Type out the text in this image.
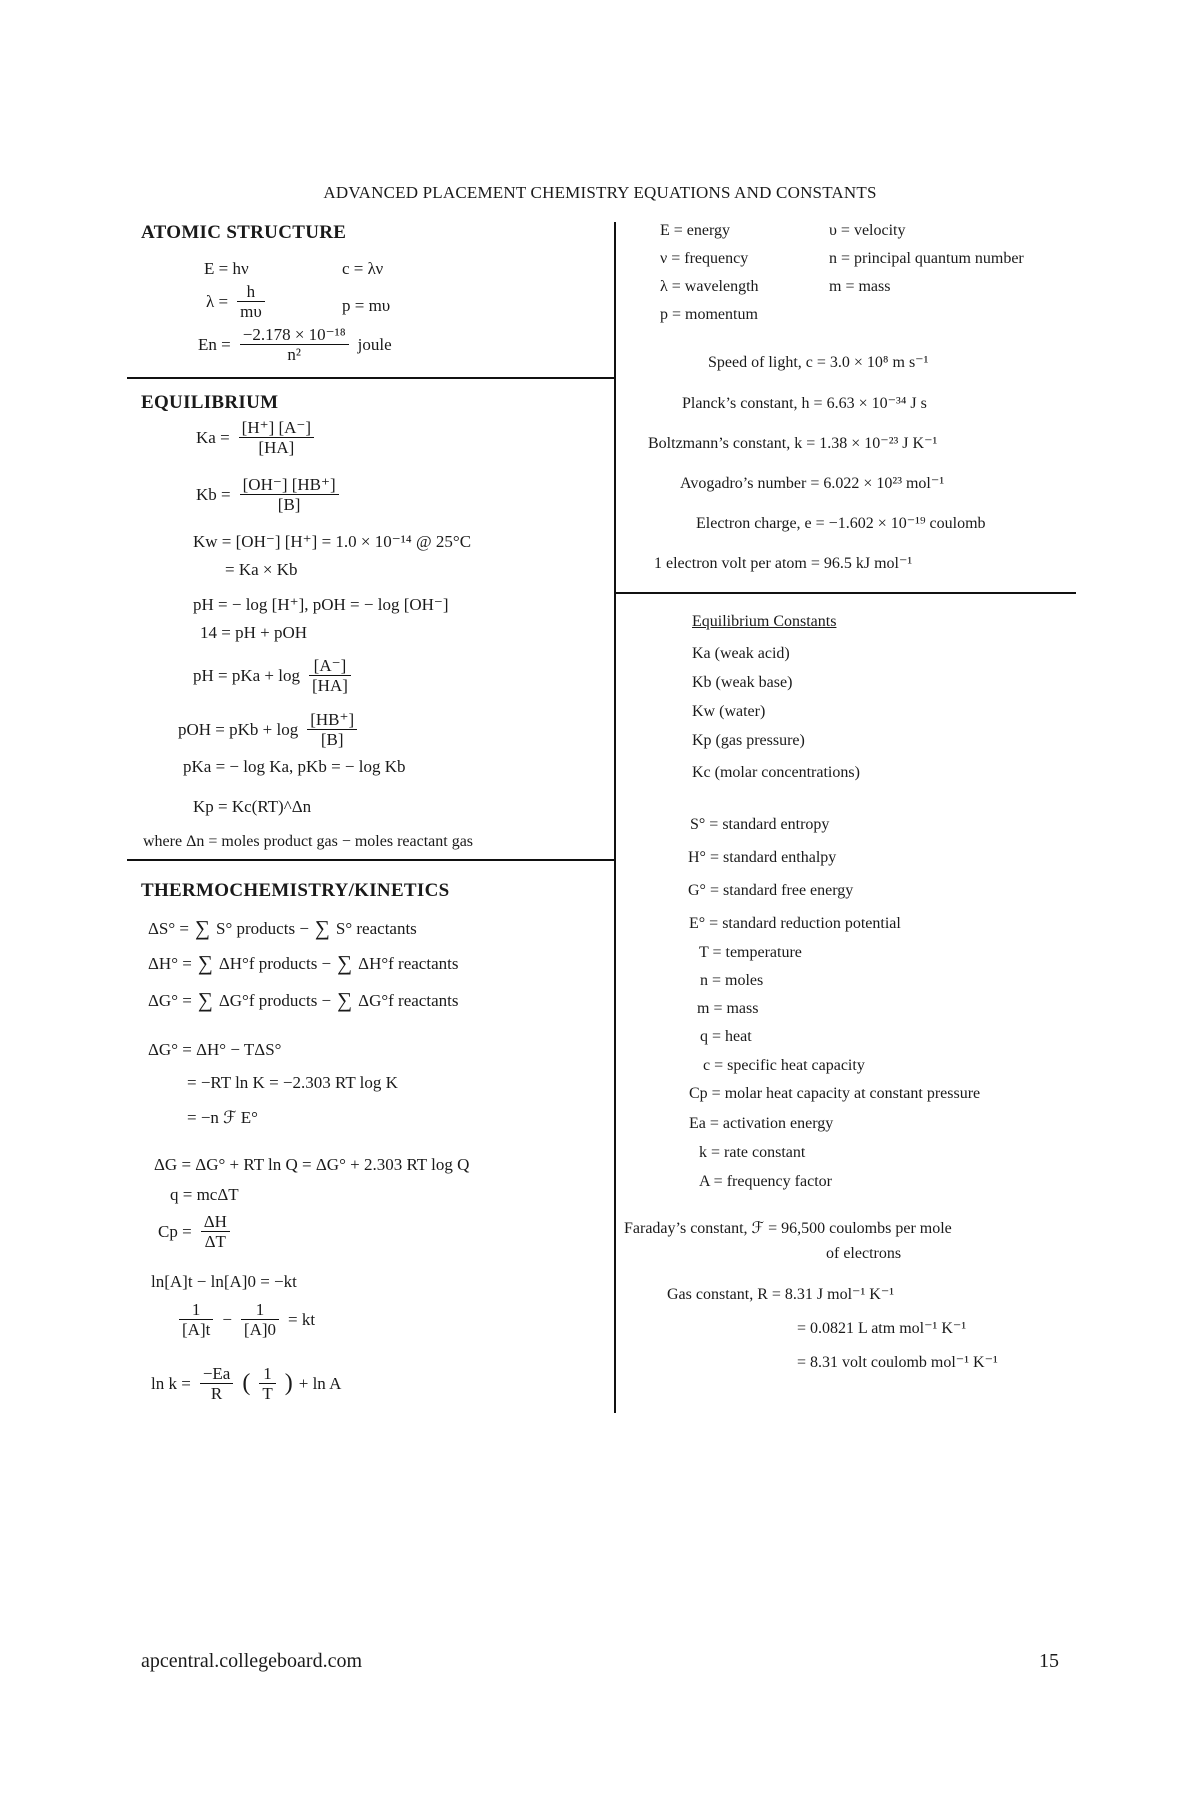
ADVANCED PLACEMENT CHEMISTRY EQUATIONS AND CONSTANTS
ATOMIC STRUCTURE
E = hν	c = λν
$\lambda = \frac{h}{m\upsilon}$	p = mυ
$En = \frac{\text{−2.178 × 10⁻¹⁸}}{\text{n²}}$ joule
EQUILIBRIUM
$Ka = \frac{[H^+] [A^-]}{[HA]}$
$Kb = \frac{[OH^-] [HB^+]}{[B]}$
Kw = [OH⁻] [H⁺] = 1.0 × 10⁻¹⁴ @ 25°C
= Ka × Kb
pH = − log [H⁺], pOH = − log [OH⁻]
14 = pH + pOH
pH = pKa + $\log \frac{[A^-]}{[HA]}$
pOH = pKb + $\log \frac{[HB^+]}{[B]}$
pKa = − log Ka, pKb = − log Kb
Kp = Kc(RT)^Δn
where Δn = moles product gas − moles reactant gas
THERMOCHEMISTRY/KINETICS
ΔS° = ∑ S° products − ∑ S° reactants
ΔH° = ∑ ΔH°f products − ∑ ΔH°f reactants
ΔG° = ∑ ΔG°f products − ∑ ΔG°f reactants
ΔG° = ΔH° − TΔS°
= −RT ln K = −2.303 RT log K
= −n ℱ E°
ΔG = ΔG° + RT ln Q = ΔG° + 2.303 RT log Q
q = mcΔT
$Cp = \frac{\Delta H}{\Delta T}$
ln[A]t − ln[A]0 = −kt
$\frac{1}{[A]t} - \frac{1}{[A]0}$ = kt
$\ln k = \frac{-Ea}{R}$ ( $\frac{1}{T}$ ) + ln A
E = energy	υ = velocity
ν = frequency	n = principal quantum number
λ = wavelength	m = mass
p = momentum
Speed of light, c = 3.0 × 10⁸ m s⁻¹
Planck’s constant, h = 6.63 × 10⁻³⁴ J s
Boltzmann’s constant, k = 1.38 × 10⁻²³ J K⁻¹
Avogadro’s number = 6.022 × 10²³ mol⁻¹
Electron charge, e = −1.602 × 10⁻¹⁹ coulomb
1 electron volt per atom = 96.5 kJ mol⁻¹
Equilibrium Constants
Ka (weak acid)
Kb (weak base)
Kw (water)
Kp (gas pressure)
Kc (molar concentrations)
S° = standard entropy
H° = standard enthalpy
G° = standard free energy
E° = standard reduction potential
T = temperature
n = moles
m = mass
q = heat
c = specific heat capacity
Cp = molar heat capacity at constant pressure
Ea = activation energy
k = rate constant
A = frequency factor
Faraday’s constant, ℱ = 96,500 coulombs per mole
of electrons
Gas constant, R = 8.31 J mol⁻¹ K⁻¹
= 0.0821 L atm mol⁻¹ K⁻¹
= 8.31 volt coulomb mol⁻¹ K⁻¹
apcentral.collegeboard.com	15
